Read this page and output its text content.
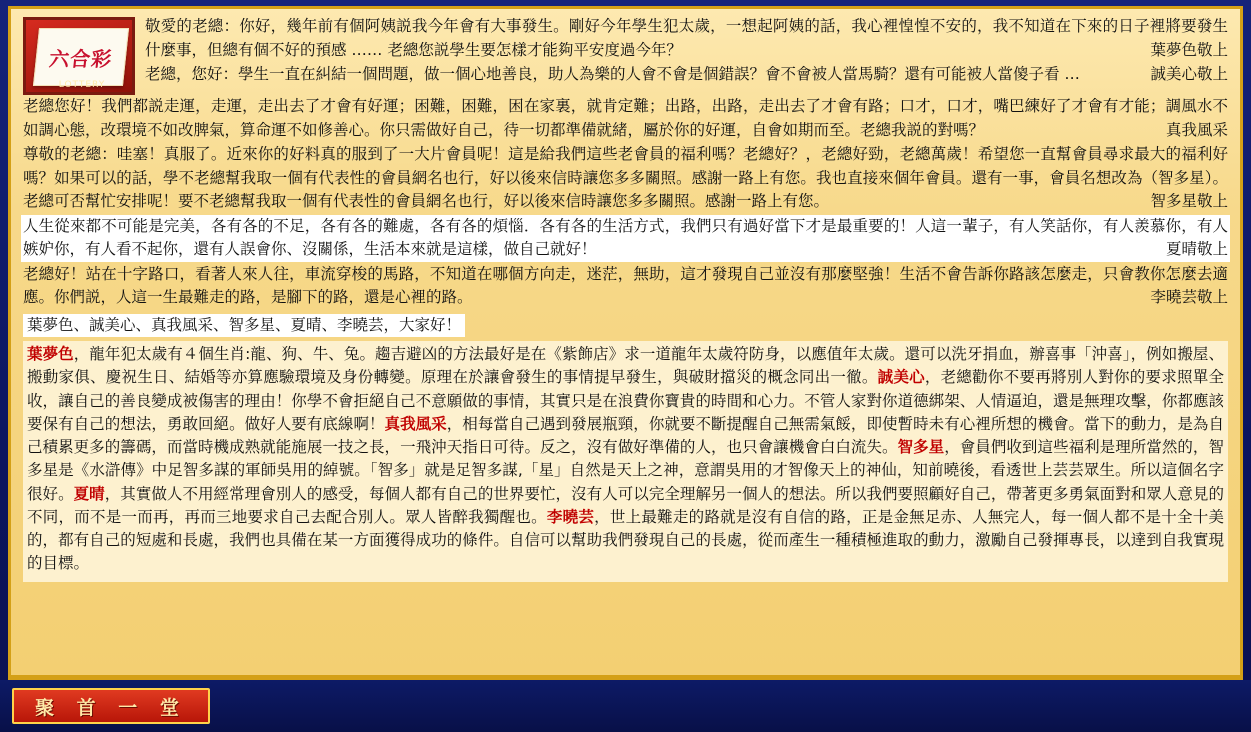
六合彩
LOTTERY
敬愛的老總：你好，幾年前有個阿姨説我今年會有大事發生。剛好今年學生犯太歲，一想起阿姨的話，我心裡惶惶不安的，我不知道在下來的日子裡將要發生什麼事，但總有個不好的預感 …… 老總您説學生要怎樣才能夠平安度過今年？	葉夢色敬上
老總，您好：學生一直在糾結一個問題，做一個心地善良，助人為樂的人會不會是個錯誤？會不會被人當馬騎？還有可能被人當傻子看 …	誠美心敬上
老總您好！我們都説走運，走運，走出去了才會有好運；困難，困難，困在家裏，就肯定難；出路，出路，走出去了才會有路；口才，口才，嘴巴練好了才會有才能；調風水不如調心態，改環境不如改脾氣，算命運不如修善心。你只需做好自己，待一切都準備就緒，屬於你的好運，自會如期而至。老總我説的對嗎？	真我風采
尊敬的老總：哇塞！真服了。近來你的好料真的服到了一大片會員呢！這是給我們這些老會員的福利嗎？老總好？，老總好勁，老總萬歲！希望您一直幫會員尋求最大的福利好嗎？如果可以的話，學不老總幫我取一個有代表性的會員網名也行，好以後來信時讓您多多關照。感謝一路上有您。我也直接來個年會員。還有一事，會員名想改為（智多星）。老總可否幫忙安排呢！要不老總幫我取一個有代表性的會員網名也行，好以後來信時讓您多多關照。感謝一路上有您。	智多星敬上
人生從來都不可能是完美，各有各的不足，各有各的難處，各有各的煩惱．各有各的生活方式，我們只有過好當下才是最重要的！人這一輩子，有人笑話你，有人羨慕你，有人嫉妒你，有人看不起你，還有人誤會你、沒關係，生活本來就是這樣，做自己就好！	夏晴敬上
老總好！站在十字路口，看著人來人往，車流穿梭的馬路，不知道在哪個方向走，迷茫，無助，這才發現自己並沒有那麼堅強！生活不會告訴你路該怎麼走，只會教你怎麼去適應。你們説，人這一生最難走的路，是腳下的路，還是心裡的路。	李曉芸敬上
葉夢色、誠美心、真我風采、智多星、夏晴、李曉芸，大家好！
葉夢色，龍年犯太歲有４個生肖:龍、狗、牛、兔。趨吉避凶的方法最好是在《紫飾店》求一道龍年太歲符防身，以應值年太歲。還可以洗牙捐血，辦喜事「沖喜」，例如搬屋、搬動家俱、慶祝生日、結婚等亦算應驗環境及身份轉變。原理在於讓會發生的事情提早發生，與破財擋災的概念同出一徹。誠美心，老總勸你不要再將別人對你的要求照單全收，讓自己的善良變成被傷害的理由！你學不會拒絕自己不意願做的事情，其實只是在浪費你寶貴的時間和心力。不管人家對你道德綁架、人情逼迫，還是無理攻擊，你都應該要保有自己的想法，勇敢回絕。做好人要有底線啊！真我風采，相每當自己遇到發展瓶頸，你就要不斷提醒自己無需氣餒，即使暫時未有心裡所想的機會。當下的動力，是為自己積累更多的籌碼，而當時機成熟就能施展一技之長，一飛沖天指日可待。反之，沒有做好準備的人，也只會讓機會白白流失。智多星，會員們收到這些福利是理所當然的，智多星是《水滸傳》中足智多謀的軍師吳用的綽號。「智多」就是足智多謀,「星」自然是天上之神，意謂吳用的才智像天上的神仙，知前曉後，看透世上芸芸眾生。所以這個名字很好。夏晴，其實做人不用經常理會別人的感受，每個人都有自己的世界要忙，沒有人可以完全理解另一個人的想法。所以我們要照顧好自己，帶著更多勇氣面對和眾人意見的不同，而不是一而再，再而三地要求自己去配合別人。眾人皆醉我獨醒也。李曉芸，世上最難走的路就是沒有自信的路，正是金無足赤、人無完人，每一個人都不是十全十美的，都有自己的短處和長處，我們也具備在某一方面獲得成功的條件。自信可以幫助我們發現自己的長處，從而產生一種積極進取的動力，激勵自己發揮專長，以達到自我實現的目標。
聚 首 一 堂
